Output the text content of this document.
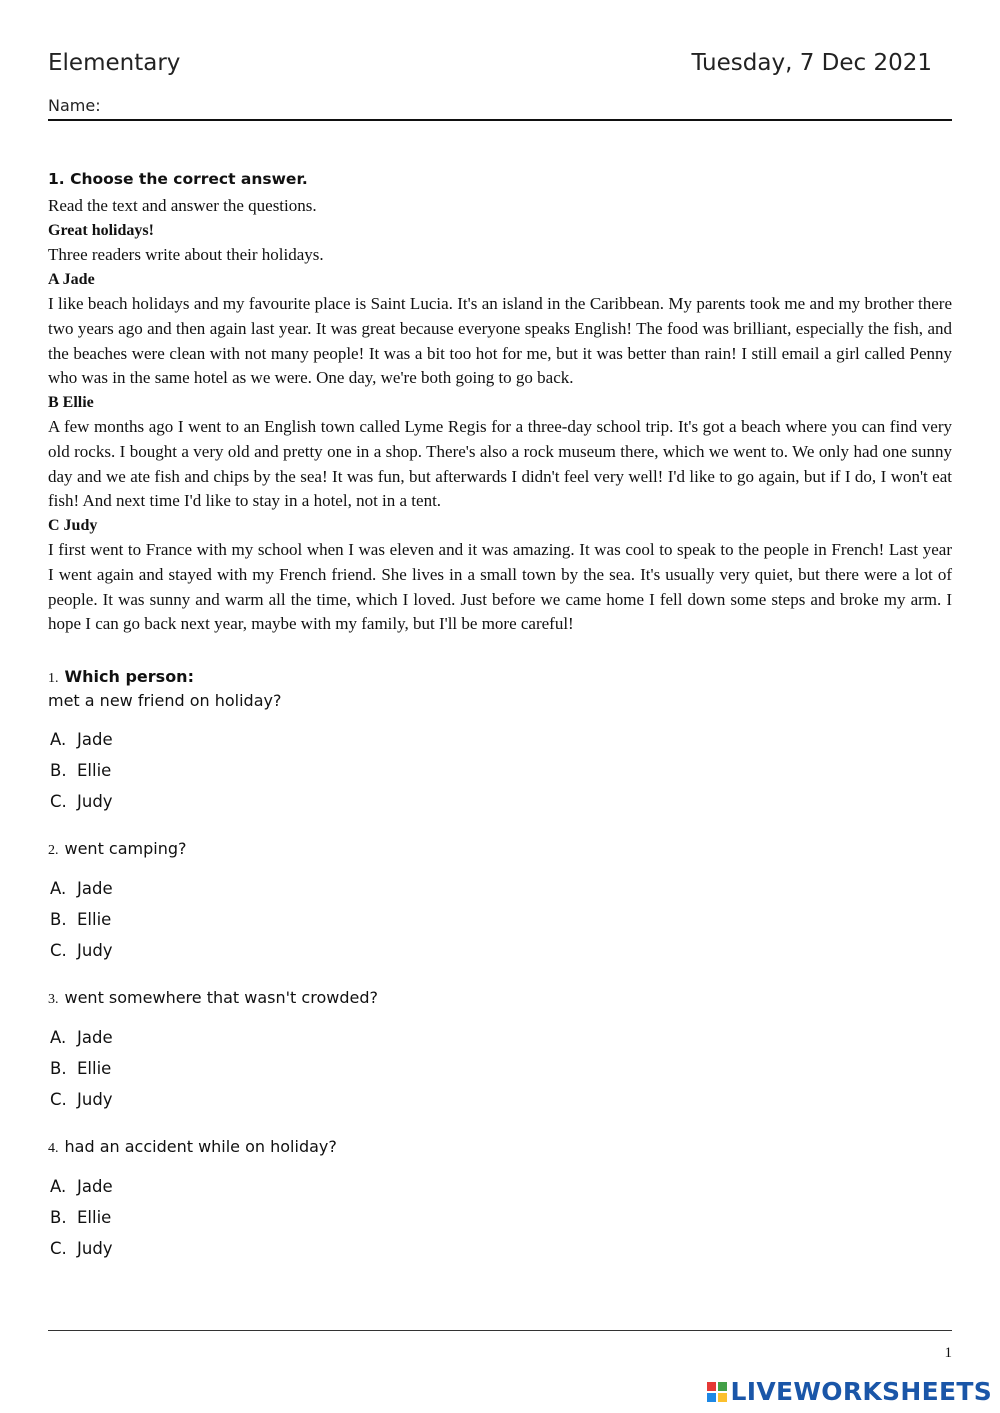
Elementary	Tuesday, 7 Dec 2021
Name:
1. Choose the correct answer.
Read the text and answer the questions.
Great holidays!
Three readers write about their holidays.
A Jade
I like beach holidays and my favourite place is Saint Lucia. It's an island in the Caribbean. My parents took me and my brother there two years ago and then again last year. It was great because everyone speaks English! The food was brilliant, especially the fish, and the beaches were clean with not many people! It was a bit too hot for me, but it was better than rain! I still email a girl called Penny who was in the same hotel as we were. One day, we're both going to go back.
B Ellie
A few months ago I went to an English town called Lyme Regis for a three-day school trip. It's got a beach where you can find very old rocks. I bought a very old and pretty one in a shop. There's also a rock museum there, which we went to. We only had one sunny day and we ate fish and chips by the sea! It was fun, but afterwards I didn't feel very well! I'd like to go again, but if I do, I won't eat fish! And next time I'd like to stay in a hotel, not in a tent.
C Judy
I first went to France with my school when I was eleven and it was amazing. It was cool to speak to the people in French! Last year I went again and stayed with my French friend. She lives in a small town by the sea. It's usually very quiet, but there were a lot of people. It was sunny and warm all the time, which I loved. Just before we came home I fell down some steps and broke my arm. I hope I can go back next year, maybe with my family, but I'll be more careful!
1. Which person:
met a new friend on holiday?
A. Jade
B. Ellie
C. Judy
2. went camping?
A. Jade
B. Ellie
C. Judy
3. went somewhere that wasn't crowded?
A. Jade
B. Ellie
C. Judy
4. had an accident while on holiday?
A. Jade
B. Ellie
C. Judy
1
LIVEWORKSHEETS
